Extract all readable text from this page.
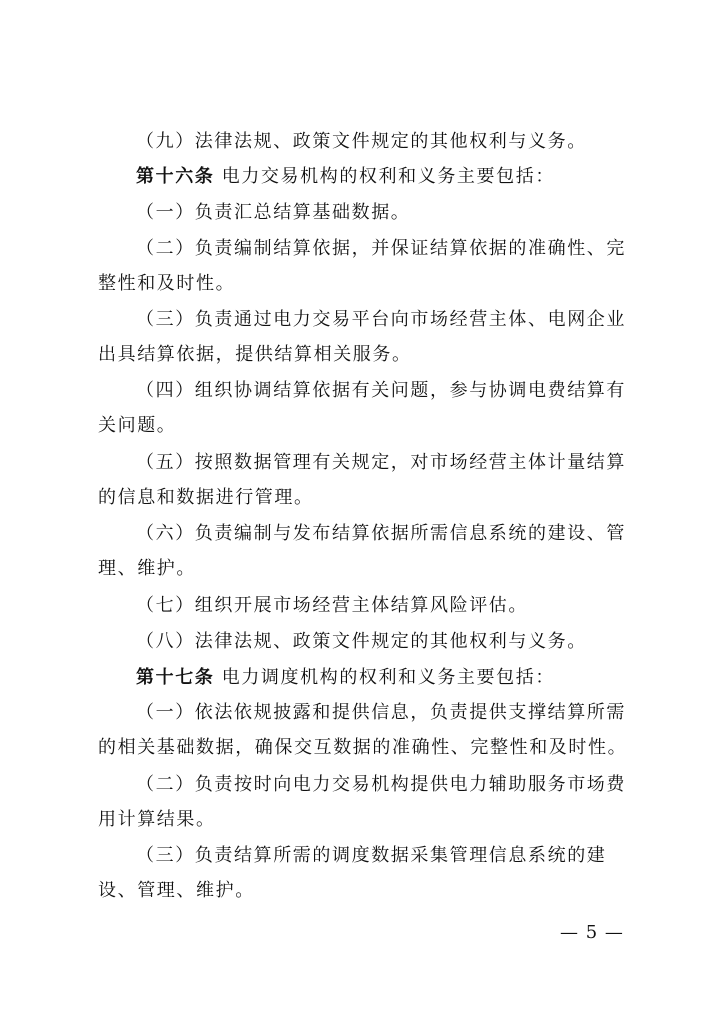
（九）法律法规、政策文件规定的其他权利与义务。

第十六条 电力交易机构的权利和义务主要包括：

（一）负责汇总结算基础数据。

（二）负责编制结算依据，并保证结算依据的准确性、完整性和及时性。

（三）负责通过电力交易平台向市场经营主体、电网企业出具结算依据，提供结算相关服务。

（四）组织协调结算依据有关问题，参与协调电费结算有关问题。

（五）按照数据管理有关规定，对市场经营主体计量结算的信息和数据进行管理。

（六）负责编制与发布结算依据所需信息系统的建设、管理、维护。

（七）组织开展市场经营主体结算风险评估。

（八）法律法规、政策文件规定的其他权利与义务。

第十七条 电力调度机构的权利和义务主要包括：

（一）依法依规披露和提供信息，负责提供支撑结算所需的相关基础数据，确保交互数据的准确性、完整性和及时性。

（二）负责按时向电力交易机构提供电力辅助服务市场费用计算结果。

（三）负责结算所需的调度数据采集管理信息系统的建设、管理、维护。

— 5 —
